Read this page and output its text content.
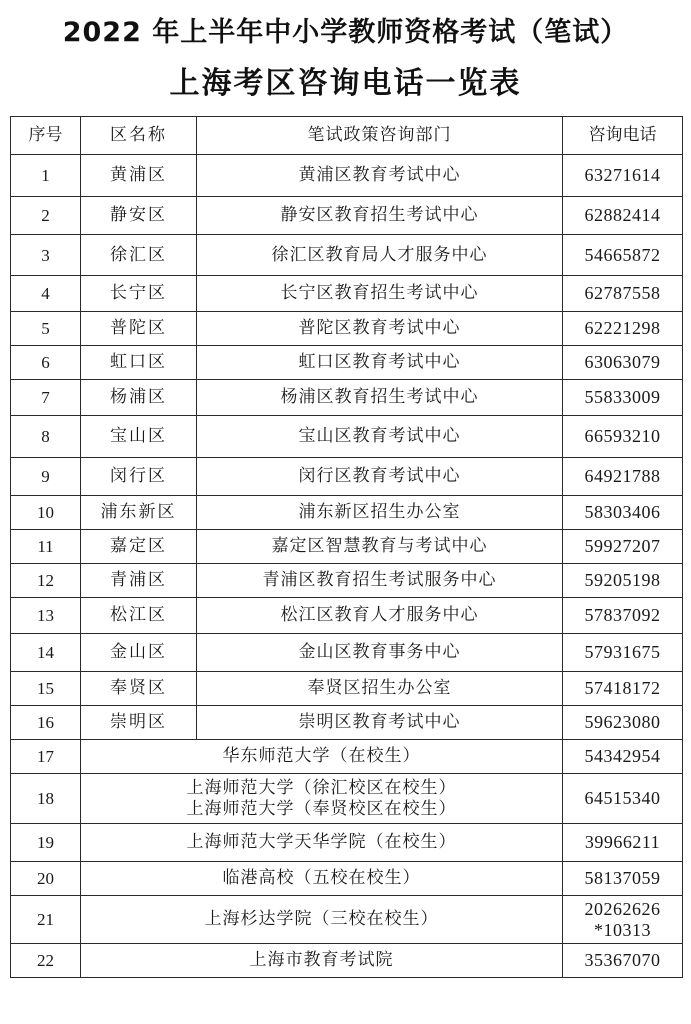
2022 年上半年中小学教师资格考试（笔试）
上海考区咨询电话一览表
序号	区名称	笔试政策咨询部门	咨询电话
1	黄浦区	黄浦区教育考试中心	63271614

2	静安区	静安区教育招生考试中心	62882414

3	徐汇区	徐汇区教育局人才服务中心	54665872

4	长宁区	长宁区教育招生考试中心	62787558

5	普陀区	普陀区教育考试中心	62221298

6	虹口区	虹口区教育考试中心	63063079

7	杨浦区	杨浦区教育招生考试中心	55833009

8	宝山区	宝山区教育考试中心	66593210

9	闵行区	闵行区教育考试中心	64921788

10	浦东新区	浦东新区招生办公室	58303406

11	嘉定区	嘉定区智慧教育与考试中心	59927207

12	青浦区	青浦区教育招生考试服务中心	59205198

13	松江区	松江区教育人才服务中心	57837092

14	金山区	金山区教育事务中心	57931675

15	奉贤区	奉贤区招生办公室	57418172

16	崇明区	崇明区教育考试中心	59623080

17	华东师范大学（在校生）		54342954

18	上海师范大学（徐汇校区在校生）
上海师范大学（奉贤校区在校生）		64515340

19	上海师范大学天华学院（在校生）		39966211

20	临港高校（五校在校生）		58137059

21	上海杉达学院（三校在校生）		20262626
*10313

22	上海市教育考试院		35367070
